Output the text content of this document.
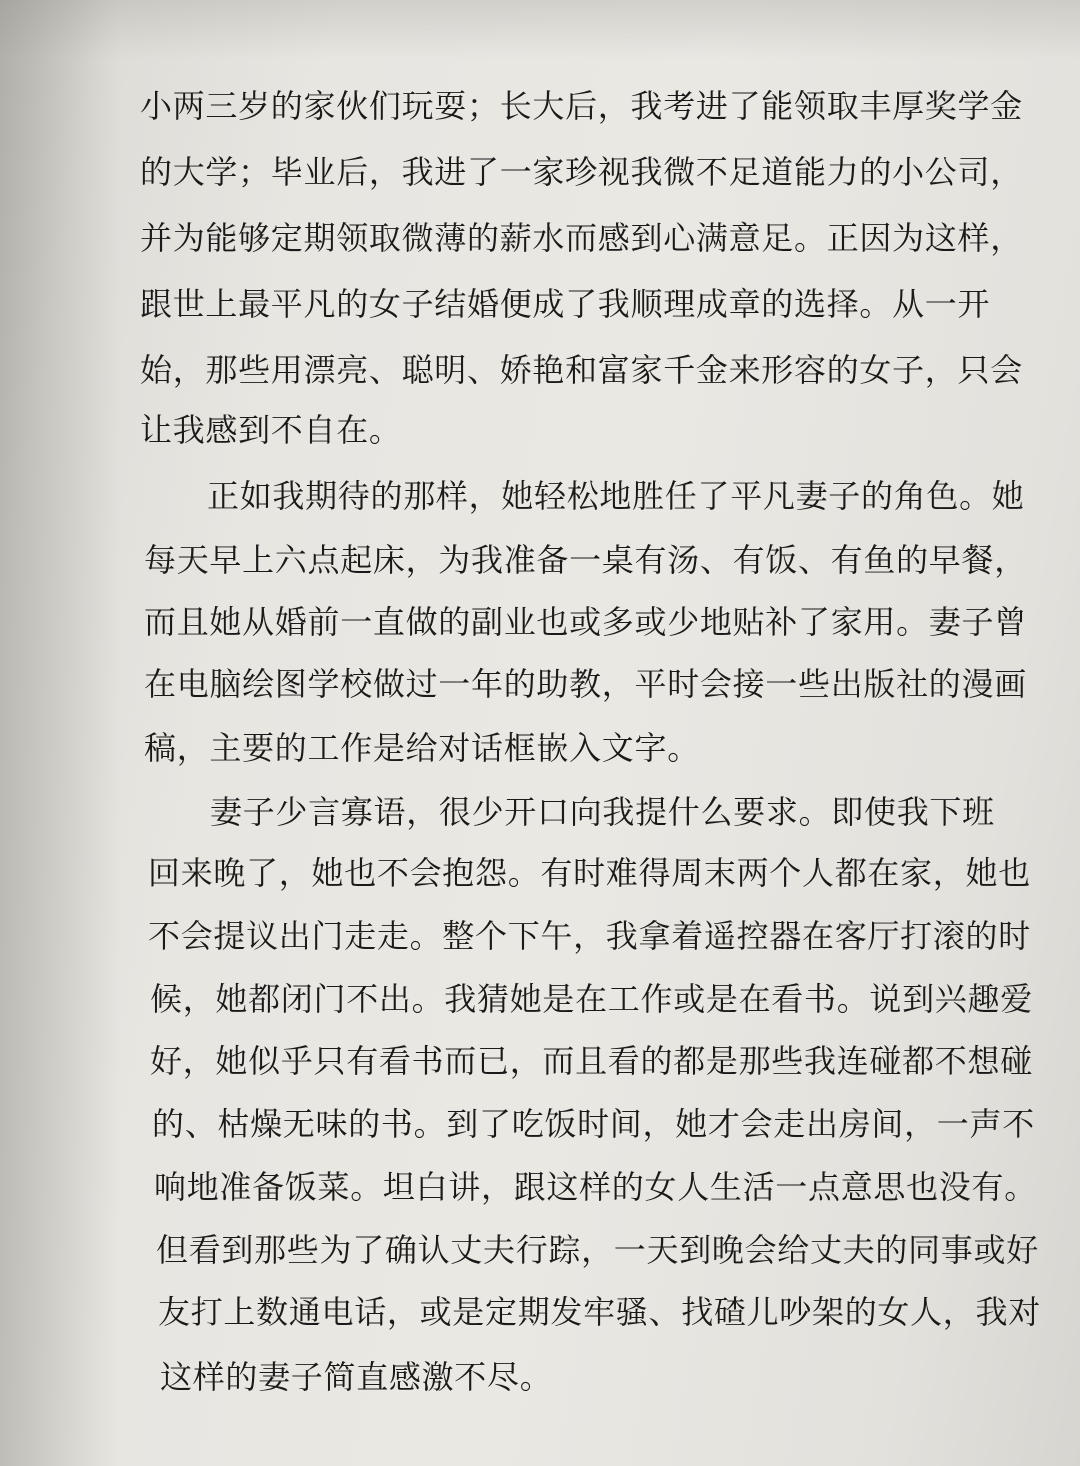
小两三岁的家伙们玩耍；长大后，我考进了能领取丰厚奖学金
的大学；毕业后，我进了一家珍视我微不足道能力的小公司，
并为能够定期领取微薄的薪水而感到心满意足。正因为这样，
跟世上最平凡的女子结婚便成了我顺理成章的选择。从一开
始，那些用漂亮、聪明、娇艳和富家千金来形容的女子，只会
让我感到不自在。
正如我期待的那样，她轻松地胜任了平凡妻子的角色。她
每天早上六点起床，为我准备一桌有汤、有饭、有鱼的早餐，
而且她从婚前一直做的副业也或多或少地贴补了家用。妻子曾
在电脑绘图学校做过一年的助教，平时会接一些出版社的漫画
稿，主要的工作是给对话框嵌入文字。
妻子少言寡语，很少开口向我提什么要求。即使我下班
回来晚了，她也不会抱怨。有时难得周末两个人都在家，她也
不会提议出门走走。整个下午，我拿着遥控器在客厅打滚的时
候，她都闭门不出。我猜她是在工作或是在看书。说到兴趣爱
好，她似乎只有看书而已，而且看的都是那些我连碰都不想碰
的、枯燥无味的书。到了吃饭时间，她才会走出房间，一声不
响地准备饭菜。坦白讲，跟这样的女人生活一点意思也没有。
但看到那些为了确认丈夫行踪，一天到晚会给丈夫的同事或好
友打上数通电话，或是定期发牢骚、找碴儿吵架的女人，我对
这样的妻子简直感激不尽。
